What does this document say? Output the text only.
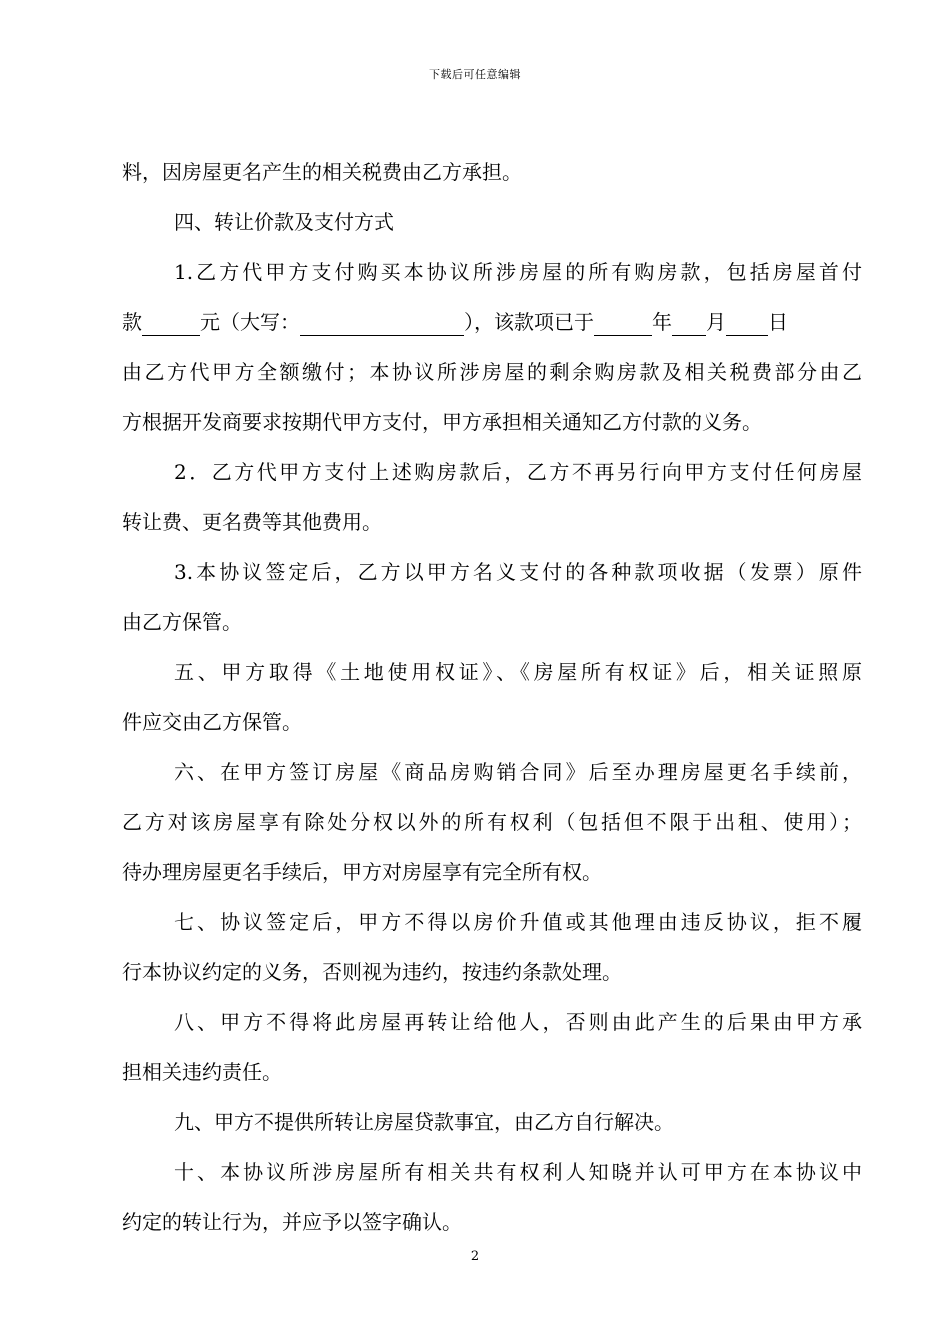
下载后可任意编辑
料，因房屋更名产生的相关税费由乙方承担。
四、转让价款及支付方式
1.乙方代甲方支付购买本协议所涉房屋的所有购房款，包括房屋首付
款	元（大写：	），该款项已于	年 月 日
由乙方代甲方全额缴付；本协议所涉房屋的剩余购房款及相关税费部分由乙
方根据开发商要求按期代甲方支付，甲方承担相关通知乙方付款的义务。
2．乙方代甲方支付上述购房款后，乙方不再另行向甲方支付任何房屋
转让费、更名费等其他费用。
3.本协议签定后，乙方以甲方名义支付的各种款项收据（发票）原件
由乙方保管。
五、甲方取得《土地使用权证》、《房屋所有权证》后，相关证照原
件应交由乙方保管。
六、在甲方签订房屋《商品房购销合同》后至办理房屋更名手续前，
乙方对该房屋享有除处分权以外的所有权利（包括但不限于出租、使用）；
待办理房屋更名手续后，甲方对房屋享有完全所有权。
七、协议签定后，甲方不得以房价升值或其他理由违反协议，拒不履
行本协议约定的义务，否则视为违约，按违约条款处理。
八、甲方不得将此房屋再转让给他人，否则由此产生的后果由甲方承
担相关违约责任。
九、甲方不提供所转让房屋贷款事宜，由乙方自行解决。
十、本协议所涉房屋所有相关共有权利人知晓并认可甲方在本协议中
约定的转让行为，并应予以签字确认。
2
